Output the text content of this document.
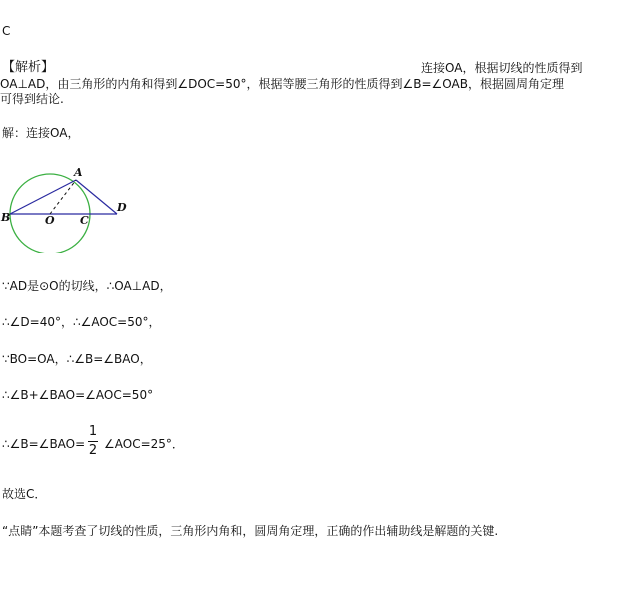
C
【解析】	连接OA，根据切线的性质得到
OA⊥AD，由三角形的内角和得到∠DOC=50°，根据等腰三角形的性质得到∠B=∠OAB，根据圆周角定理
可得到结论.
解：连接OA，
A
B	O C
D
∵AD是⊙O的切线，∴OA⊥AD，
∴∠D=40°，∴∠AOC=50°，
∵BO=OA，∴∠B=∠BAO，
∴∠B+∠BAO=∠AOC=50°
∴∠B=∠BAO=
1
2 ∠AOC=25°．
故选C．
“点睛”本题考查了切线的性质，三角形内角和，圆周角定理，正确的作出辅助线是解题的关键.
